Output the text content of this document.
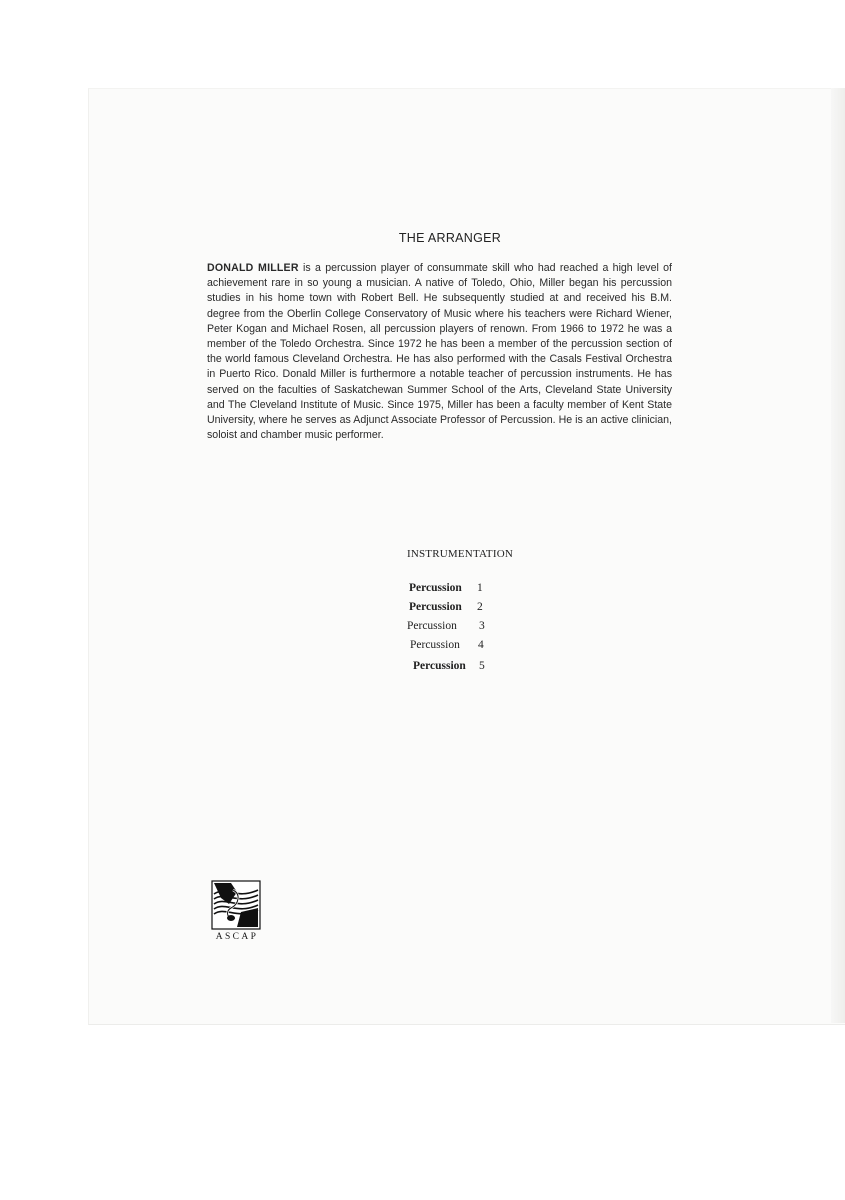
THE ARRANGER

DONALD MILLER is a percussion player of consummate skill who had reached a high level of achievement rare in so young a musician. A native of Toledo, Ohio, Miller began his percussion studies in his home town with Robert Bell. He subsequently studied at and received his B.M. degree from the Oberlin College Conservatory of Music where his teachers were Richard Wiener, Peter Kogan and Michael Rosen, all percussion players of renown. From 1966 to 1972 he was a member of the Toledo Orchestra. Since 1972 he has been a member of the percussion section of the world famous Cleveland Orchestra. He has also performed with the Casals Festival Orchestra in Puerto Rico. Donald Miller is furthermore a notable teacher of percussion instruments. He has served on the faculties of Saskatchewan Summer School of the Arts, Cleveland State University and The Cleveland Institute of Music. Since 1975, Miller has been a faculty member of Kent State University, where he serves as Adjunct Associate Professor of Percussion. He is an active clinician, soloist and chamber music performer.

INSTRUMENTATION
Percussion 1
Percussion 2
Percussion 3
Percussion 4
Percussion 5
ASCAP
